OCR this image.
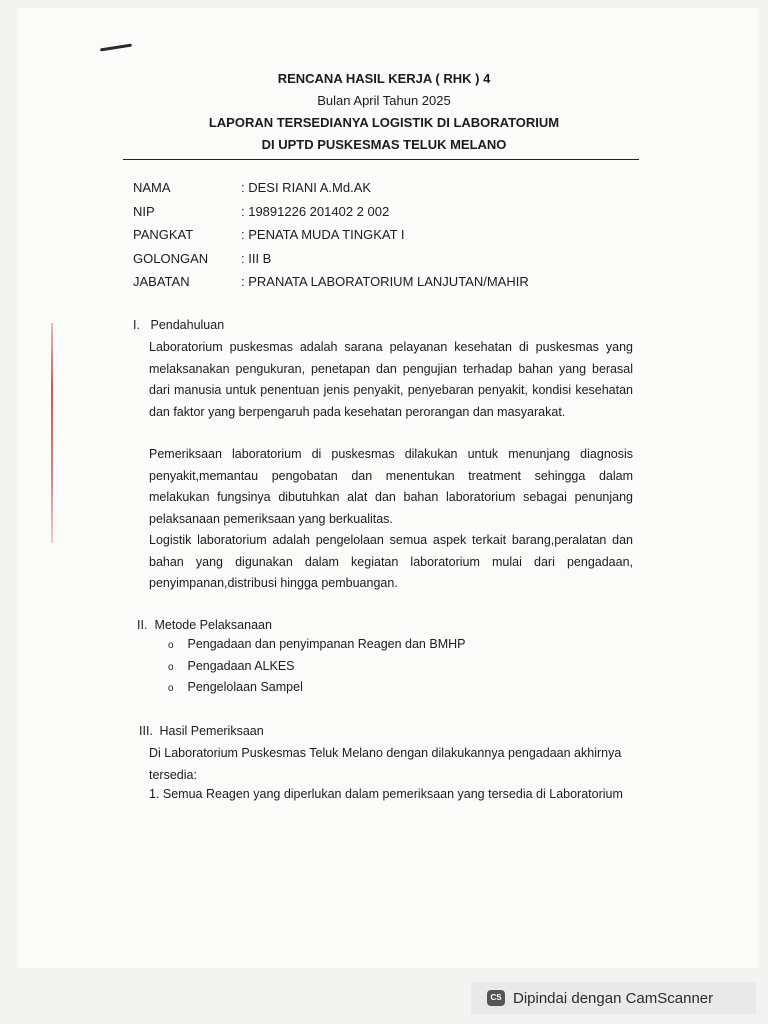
RENCANA HASIL KERJA ( RHK ) 4
Bulan April Tahun 2025
LAPORAN TERSEDIANYA LOGISTIK DI LABORATORIUM
DI UPTD PUSKESMAS TELUK MELANO
NAMA	: DESI RIANI A.Md.AK
NIP	: 19891226 201402 2 002
PANGKAT	: PENATA MUDA TINGKAT I
GOLONGAN	: III B
JABATAN	: PRANATA LABORATORIUM LANJUTAN/MAHIR
I. Pendahuluan
Laboratorium puskesmas adalah sarana pelayanan kesehatan di puskesmas yang melaksanakan pengukuran, penetapan dan pengujian terhadap bahan yang berasal dari manusia untuk penentuan jenis penyakit, penyebaran penyakit, kondisi kesehatan dan faktor yang berpengaruh pada kesehatan perorangan dan masyarakat.
Pemeriksaan laboratorium di puskesmas dilakukan untuk menunjang diagnosis penyakit,memantau pengobatan dan menentukan treatment sehingga dalam melakukan fungsinya dibutuhkan alat dan bahan laboratorium sebagai penunjang pelaksanaan pemeriksaan yang berkualitas.
Logistik laboratorium adalah pengelolaan semua aspek terkait barang,peralatan dan bahan yang digunakan dalam kegiatan laboratorium mulai dari pengadaan, penyimpanan,distribusi hingga pembuangan.
II. Metode Pelaksanaan
o Pengadaan dan penyimpanan Reagen dan BMHP
o Pengadaan ALKES
o Pengelolaan Sampel
III. Hasil Pemeriksaan
Di Laboratorium Puskesmas Teluk Melano dengan dilakukannya pengadaan akhirnya tersedia:
1. Semua Reagen yang diperlukan dalam pemeriksaan yang tersedia di Laboratorium
CS Dipindai dengan CamScanner
